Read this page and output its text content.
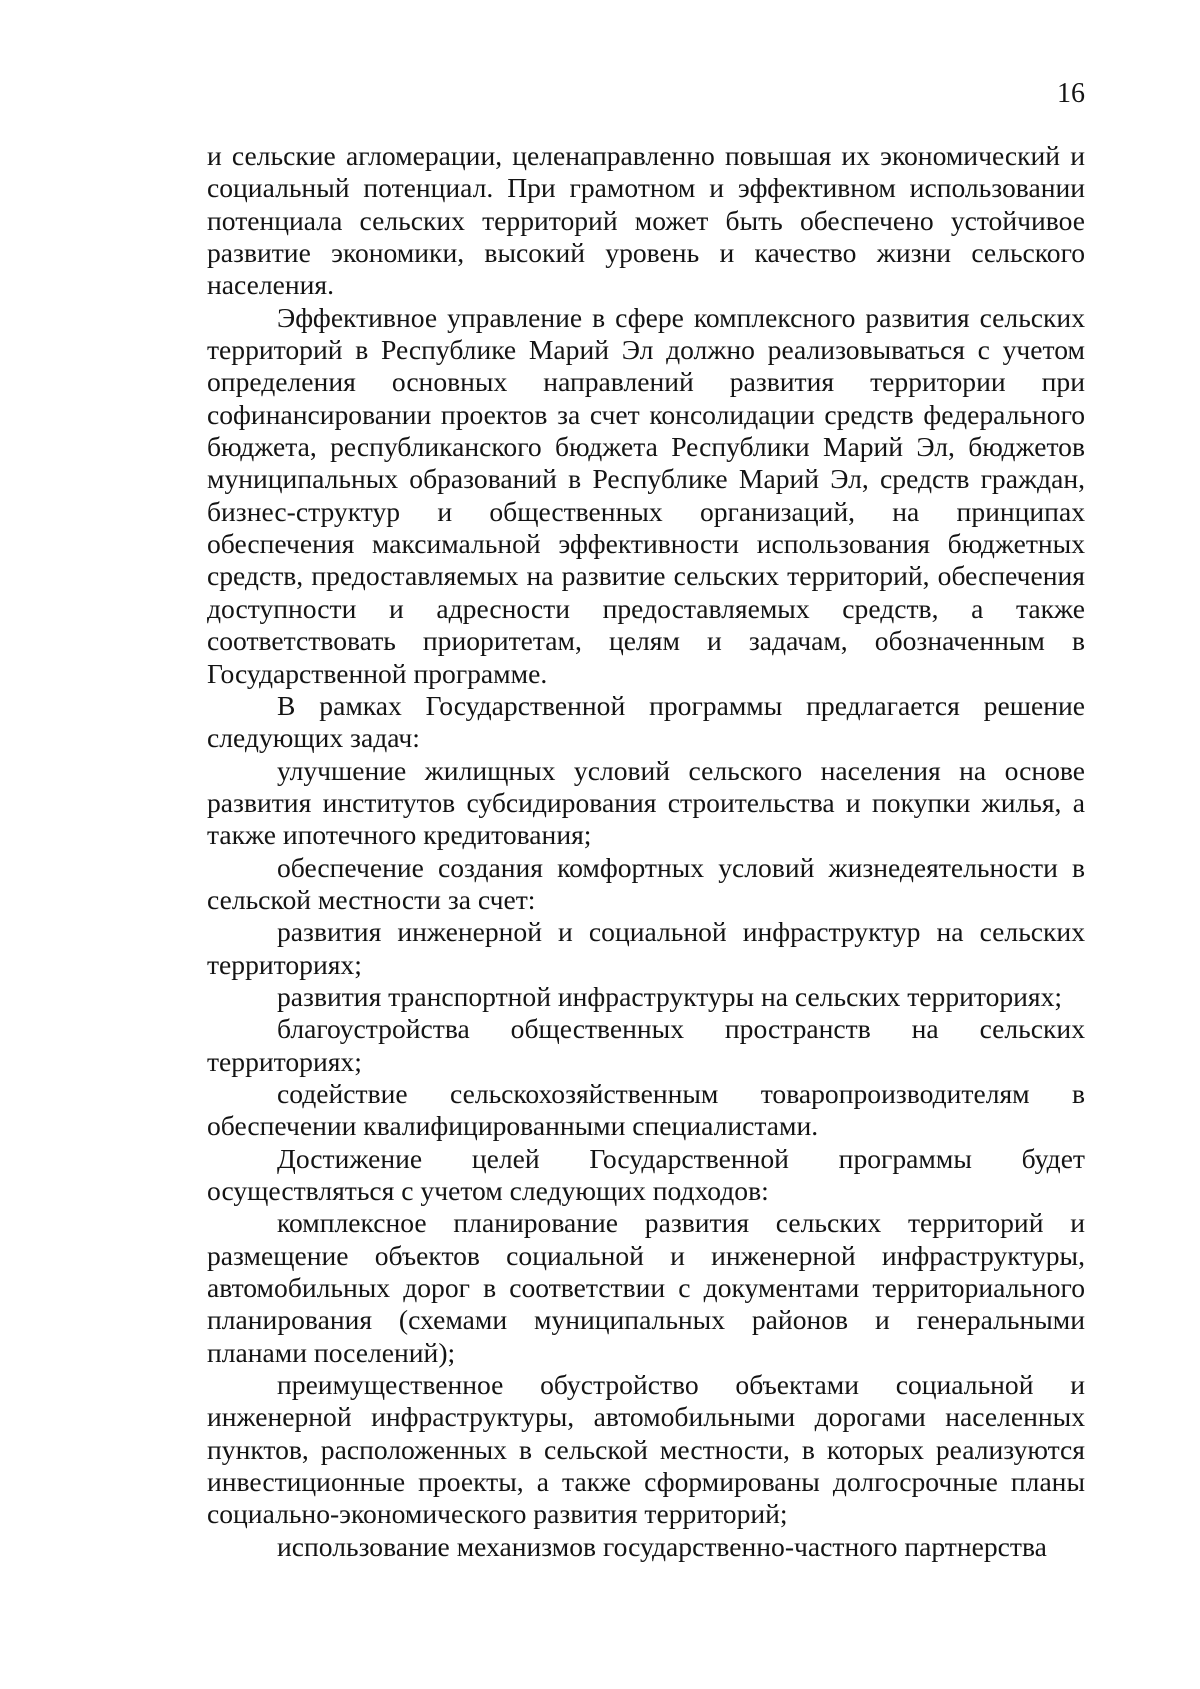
16

и сельские агломерации, целенаправленно повышая их экономический и социальный потенциал. При грамотном и эффективном использовании потенциала сельских территорий может быть обеспечено устойчивое развитие экономики, высокий уровень и качество жизни сельского населения.

Эффективное управление в сфере комплексного развития сельских территорий в Республике Марий Эл должно реализовываться с учетом определения основных направлений развития территории при софинансировании проектов за счет консолидации средств федерального бюджета, республиканского бюджета Республики Марий Эл, бюджетов муниципальных образований в Республике Марий Эл, средств граждан, бизнес-структур и общественных организаций, на принципах обеспечения максимальной эффективности использования бюджетных средств, предоставляемых на развитие сельских территорий, обеспечения доступности и адресности предоставляемых средств, а также соответствовать приоритетам, целям и задачам, обозначенным в Государственной программе.

В рамках Государственной программы предлагается решение следующих задач:

улучшение жилищных условий сельского населения на основе развития институтов субсидирования строительства и покупки жилья, а также ипотечного кредитования;

обеспечение создания комфортных условий жизнедеятельности в сельской местности за счет:

развития инженерной и социальной инфраструктур на сельских территориях;

развития транспортной инфраструктуры на сельских территориях;

благоустройства общественных пространств на сельских территориях;

содействие сельскохозяйственным товаропроизводителям в обеспечении квалифицированными специалистами.

Достижение целей Государственной программы будет осуществляться с учетом следующих подходов:

комплексное планирование развития сельских территорий и размещение объектов социальной и инженерной инфраструктуры, автомобильных дорог в соответствии с документами территориального планирования (схемами муниципальных районов и генеральными планами поселений);

преимущественное обустройство объектами социальной и инженерной инфраструктуры, автомобильными дорогами населенных пунктов, расположенных в сельской местности, в которых реализуются инвестиционные проекты, а также сформированы долгосрочные планы социально-экономического развития территорий;

использование механизмов государственно-частного партнерства
